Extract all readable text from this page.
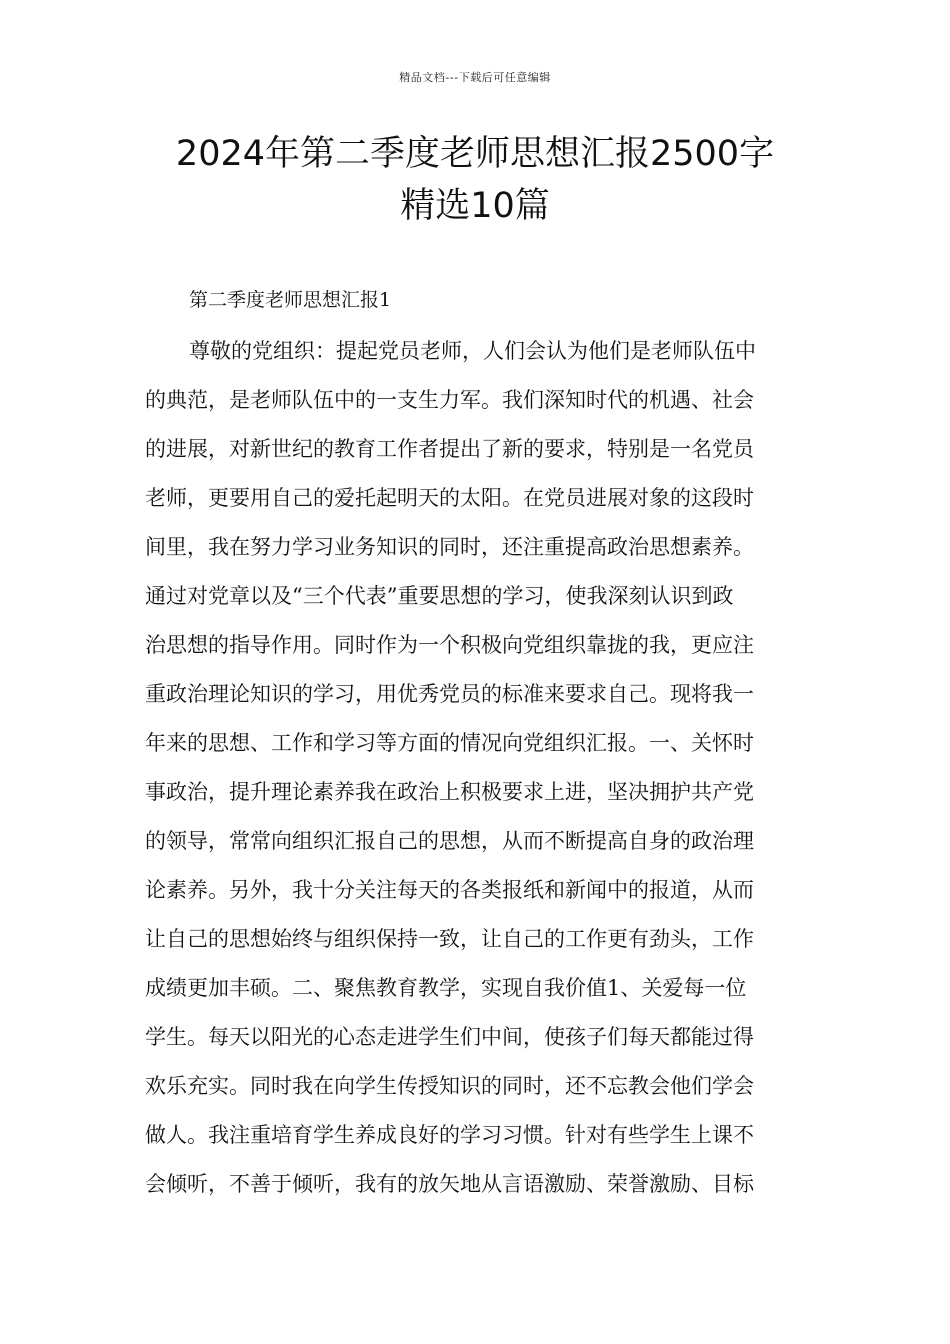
精品文档---下载后可任意编辑
2024年第二季度老师思想汇报2500字
精选10篇
第二季度老师思想汇报1
尊敬的党组织：提起党员老师，人们会认为他们是老师队伍中
的典范，是老师队伍中的一支生力军。我们深知时代的机遇、社会
的进展，对新世纪的教育工作者提出了新的要求，特别是一名党员
老师，更要用自己的爱托起明天的太阳。在党员进展对象的这段时
间里，我在努力学习业务知识的同时，还注重提高政治思想素养。
通过对党章以及“三个代表”重要思想的学习，使我深刻认识到政
治思想的指导作用。同时作为一个积极向党组织靠拢的我，更应注
重政治理论知识的学习，用优秀党员的标准来要求自己。现将我一
年来的思想、工作和学习等方面的情况向党组织汇报。一、关怀时
事政治，提升理论素养我在政治上积极要求上进，坚决拥护共产党
的领导，常常向组织汇报自己的思想，从而不断提高自身的政治理
论素养。另外，我十分关注每天的各类报纸和新闻中的报道，从而
让自己的思想始终与组织保持一致，让自己的工作更有劲头，工作
成绩更加丰硕。二、聚焦教育教学，实现自我价值1、关爱每一位
学生。每天以阳光的心态走进学生们中间，使孩子们每天都能过得
欢乐充实。同时我在向学生传授知识的同时，还不忘教会他们学会
做人。我注重培育学生养成良好的学习习惯。针对有些学生上课不
会倾听，不善于倾听，我有的放矢地从言语激励、荣誉激励、目标
